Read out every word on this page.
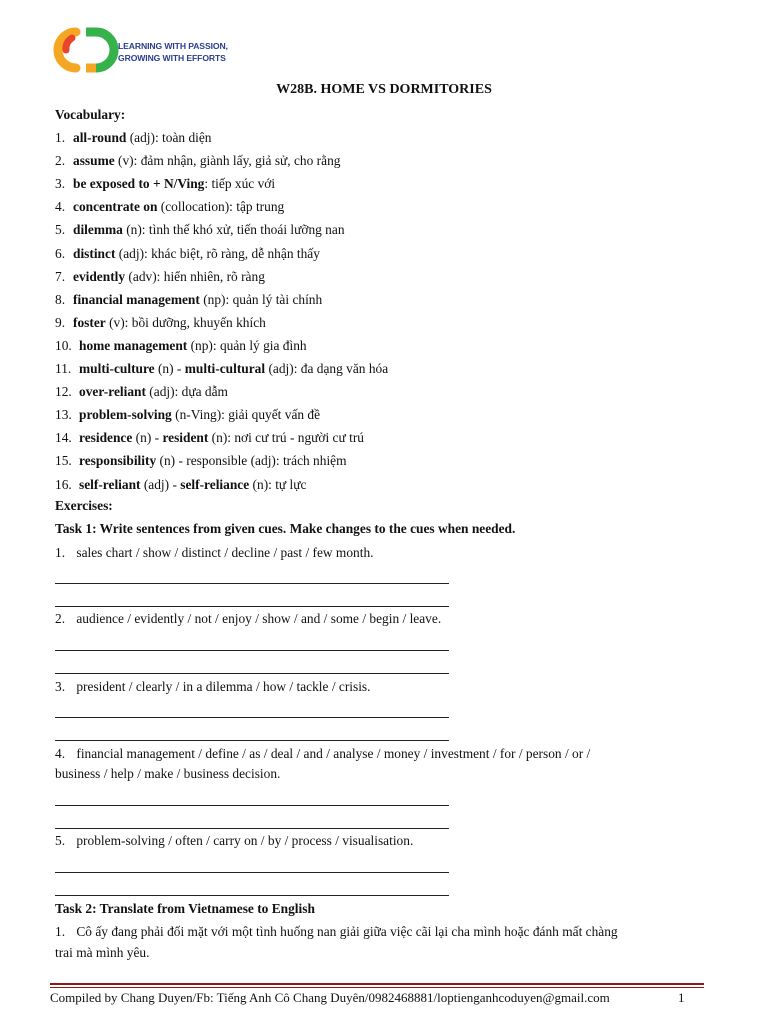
LEARNING WITH PASSION,
GROWING WITH EFFORTS
W28B. HOME VS DORMITORIES
Vocabulary:
1. all-round (adj): toàn diện
2. assume (v): đảm nhận, giành lấy, giả sử, cho rằng
3. be exposed to + N/Ving: tiếp xúc với
4. concentrate on (collocation): tập trung
5. dilemma (n): tình thế khó xử, tiến thoái lưỡng nan
6. distinct (adj): khác biệt, rõ ràng, dễ nhận thấy
7. evidently (adv): hiển nhiên, rõ ràng
8. financial management (np): quản lý tài chính
9. foster (v): bồi dưỡng, khuyến khích
10. home management (np): quản lý gia đình
11. multi-culture (n) - multi-cultural (adj): đa dạng văn hóa
12. over-reliant (adj): dựa dẫm
13. problem-solving (n-Ving): giải quyết vấn đề
14. residence (n) - resident (n): nơi cư trú - người cư trú
15. responsibility (n) - responsible (adj): trách nhiệm
16. self-reliant (adj) - self-reliance (n): tự lực
Exercises:
Task 1: Write sentences from given cues. Make changes to the cues when needed.
1. sales chart / show / distinct / decline / past / few month.
2. audience / evidently / not / enjoy / show / and / some / begin / leave.
3. president / clearly / in a dilemma / how / tackle / crisis.
4. financial management / define / as / deal / and / analyse / money / investment / for / person / or /
business / help / make / business decision.
5. problem-solving / often / carry on / by / process / visualisation.
Task 2: Translate from Vietnamese to English
1. Cô ấy đang phải đối mặt với một tình huống nan giải giữa việc cãi lại cha mình hoặc đánh mất chàng
trai mà mình yêu.
Compiled by Chang Duyen/Fb: Tiếng Anh Cô Chang Duyên/0982468881/loptienganhcoduyen@gmail.com	1
